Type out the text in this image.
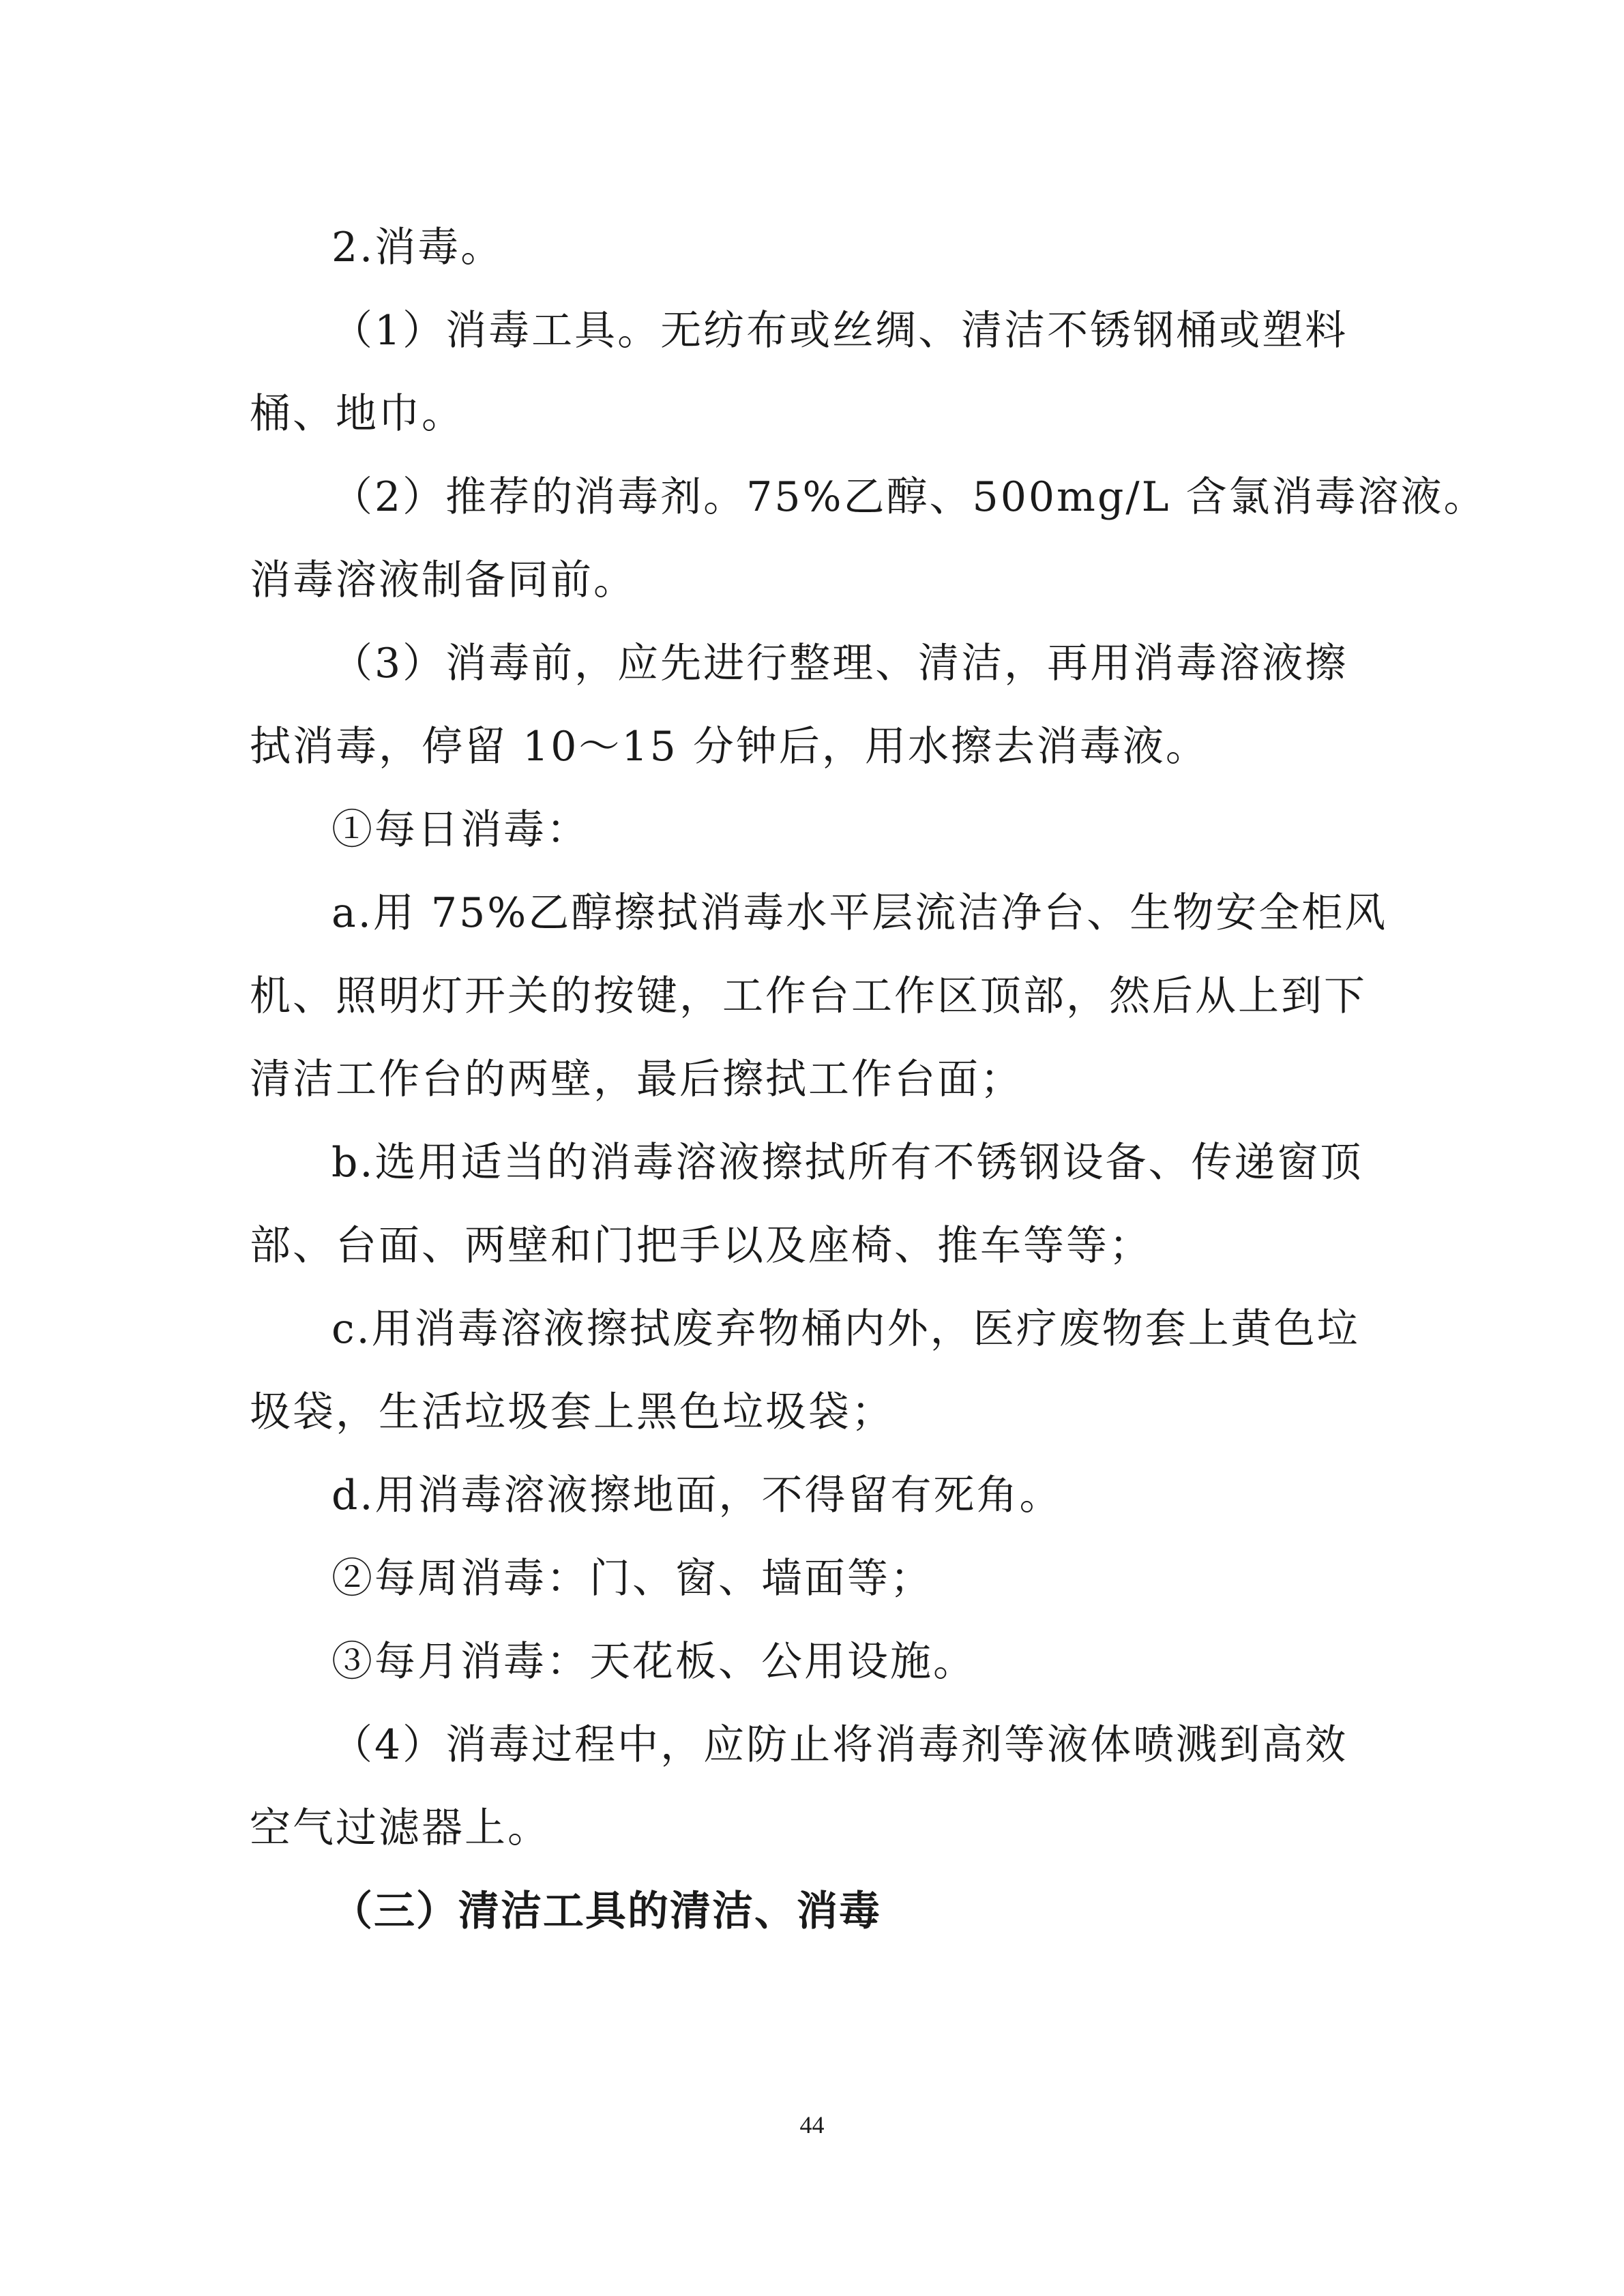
2.消毒。

（1）消毒工具。无纺布或丝绸、清洁不锈钢桶或塑料

桶、地巾。

（2）推荐的消毒剂。75%乙醇、500mg/L 含氯消毒溶液。

消毒溶液制备同前。

（3）消毒前，应先进行整理、清洁，再用消毒溶液擦

拭消毒，停留 10～15 分钟后，用水擦去消毒液。

①每日消毒：

a.用 75%乙醇擦拭消毒水平层流洁净台、生物安全柜风

机、照明灯开关的按键，工作台工作区顶部，然后从上到下

清洁工作台的两壁，最后擦拭工作台面；

b.选用适当的消毒溶液擦拭所有不锈钢设备、传递窗顶

部、台面、两壁和门把手以及座椅、推车等等；

c.用消毒溶液擦拭废弃物桶内外，医疗废物套上黄色垃

圾袋，生活垃圾套上黑色垃圾袋；

d.用消毒溶液擦地面，不得留有死角。

②每周消毒：门、窗、墙面等；

③每月消毒：天花板、公用设施。

（4）消毒过程中，应防止将消毒剂等液体喷溅到高效

空气过滤器上。

（三）清洁工具的清洁、消毒

44
